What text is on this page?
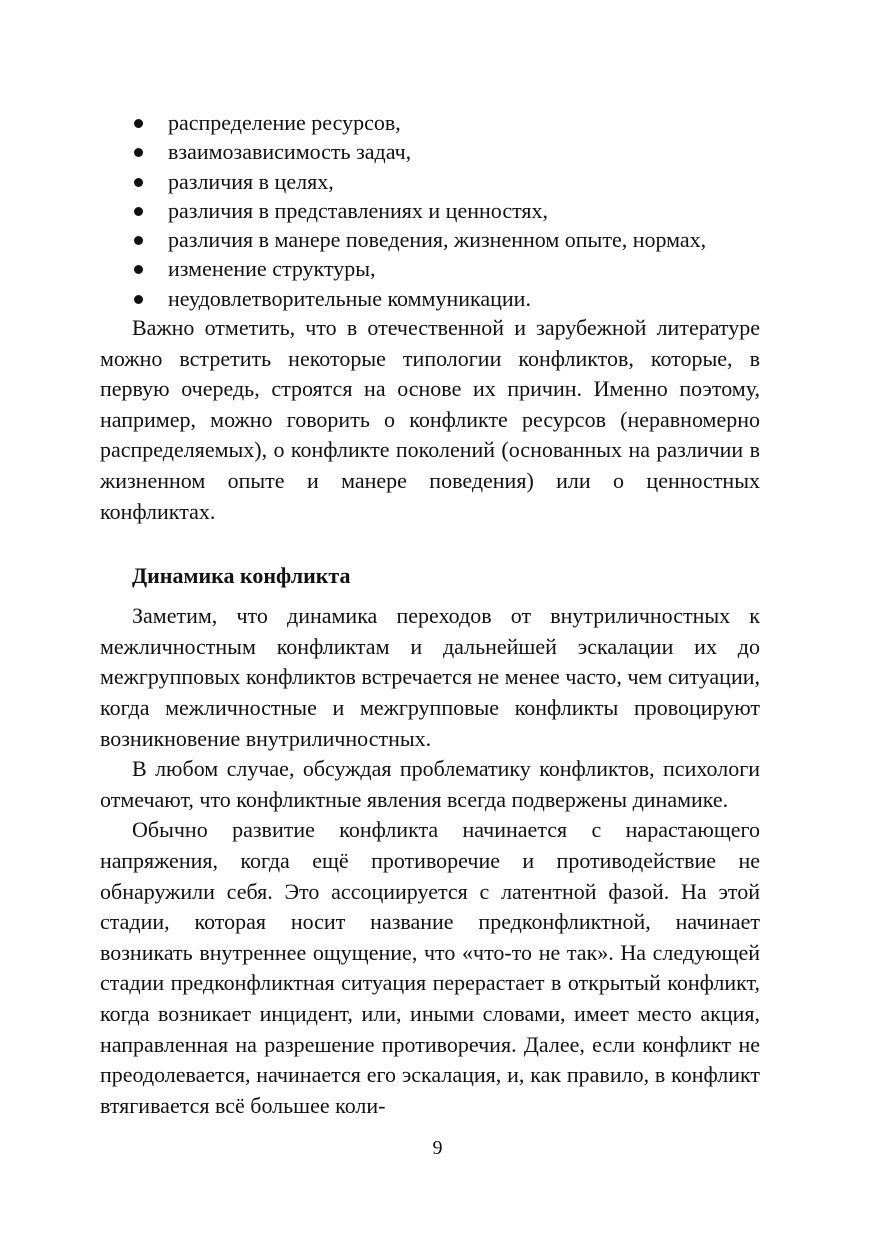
распределение ресурсов,
взаимозависимость задач,
различия в целях,
различия в представлениях и ценностях,
различия в манере поведения, жизненном опыте, нормах,
изменение структуры,
неудовлетворительные коммуникации.

Важно отметить, что в отечественной и зарубежной литературе можно встретить некоторые типологии конфликтов, которые, в первую очередь, строятся на основе их причин. Именно поэтому, например, можно говорить о конфликте ресурсов (неравномерно распределяемых), о конфликте поколений (основанных на различии в жизненном опыте и манере поведения) или о ценностных конфликтах.

Динамика конфликта

Заметим, что динамика переходов от внутриличностных к межличностным конфликтам и дальнейшей эскалации их до межгрупповых конфликтов встречается не менее часто, чем ситуации, когда межличностные и межгрупповые конфликты провоцируют возникновение внутриличностных.

В любом случае, обсуждая проблематику конфликтов, психологи отмечают, что конфликтные явления всегда подвержены динамике.

Обычно развитие конфликта начинается с нарастающего напряжения, когда ещё противоречие и противодействие не обнаружили себя. Это ассоциируется с латентной фазой. На этой стадии, которая носит название предконфликтной, начинает возникать внутреннее ощущение, что «что-то не так». На следующей стадии предконфликтная ситуация перерастает в открытый конфликт, когда возникает инцидент, или, иными словами, имеет место акция, направленная на разрешение противоречия. Далее, если конфликт не преодолевается, начинается его эскалация, и, как правило, в конфликт втягивается всё большее коли-

9
